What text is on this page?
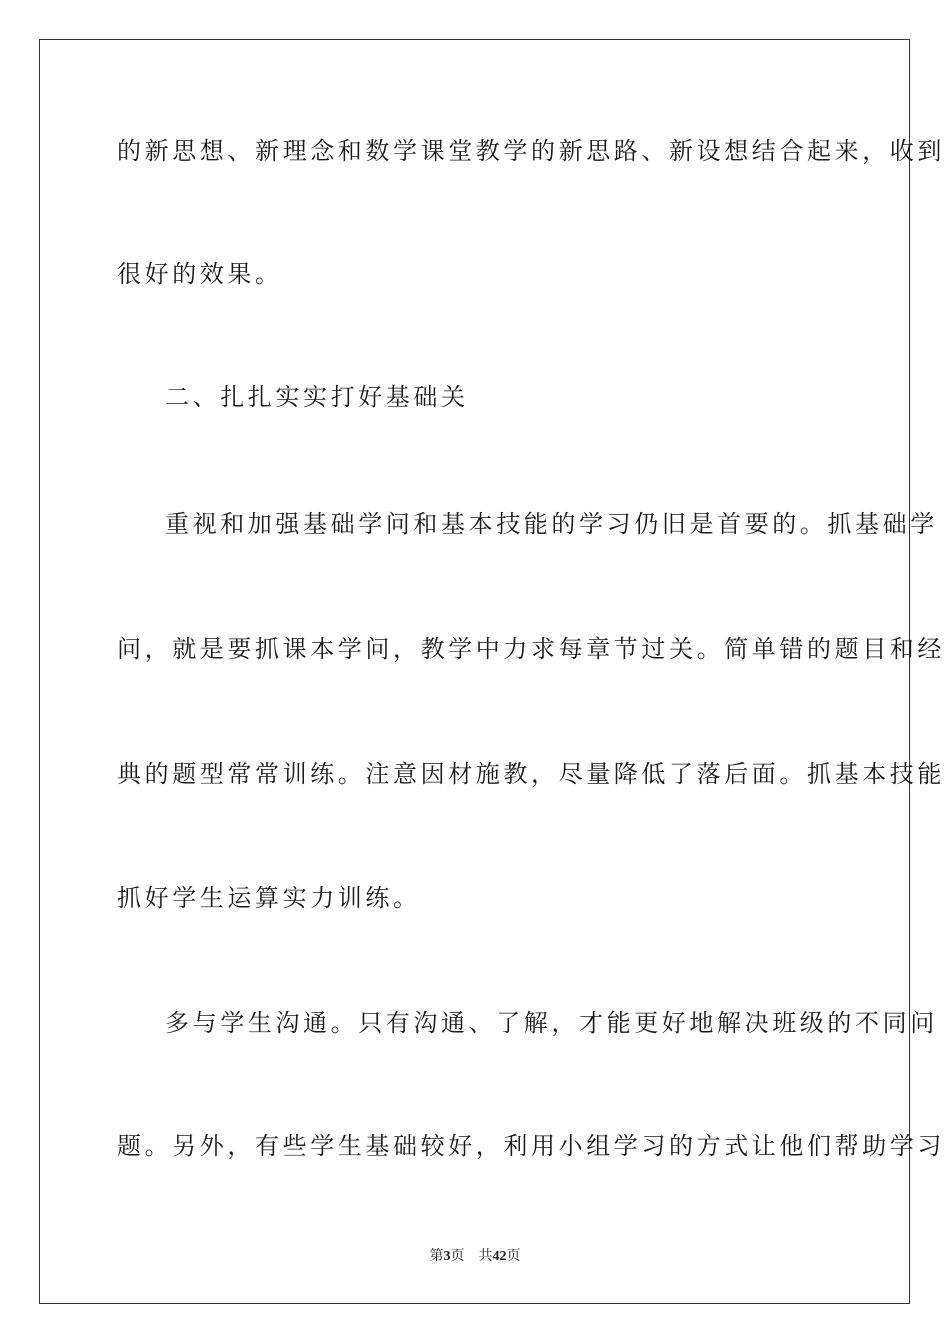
的新思想、新理念和数学课堂教学的新思路、新设想结合起来，收到
很好的效果。
二、扎扎实实打好基础关
重视和加强基础学问和基本技能的学习仍旧是首要的。抓基础学
问，就是要抓课本学问，教学中力求每章节过关。简单错的题目和经
典的题型常常训练。注意因材施教，尽量降低了落后面。抓基本技能
抓好学生运算实力训练。
多与学生沟通。只有沟通、了解，才能更好地解决班级的不同问
题。另外，有些学生基础较好，利用小组学习的方式让他们帮助学习
第3页 共42页
